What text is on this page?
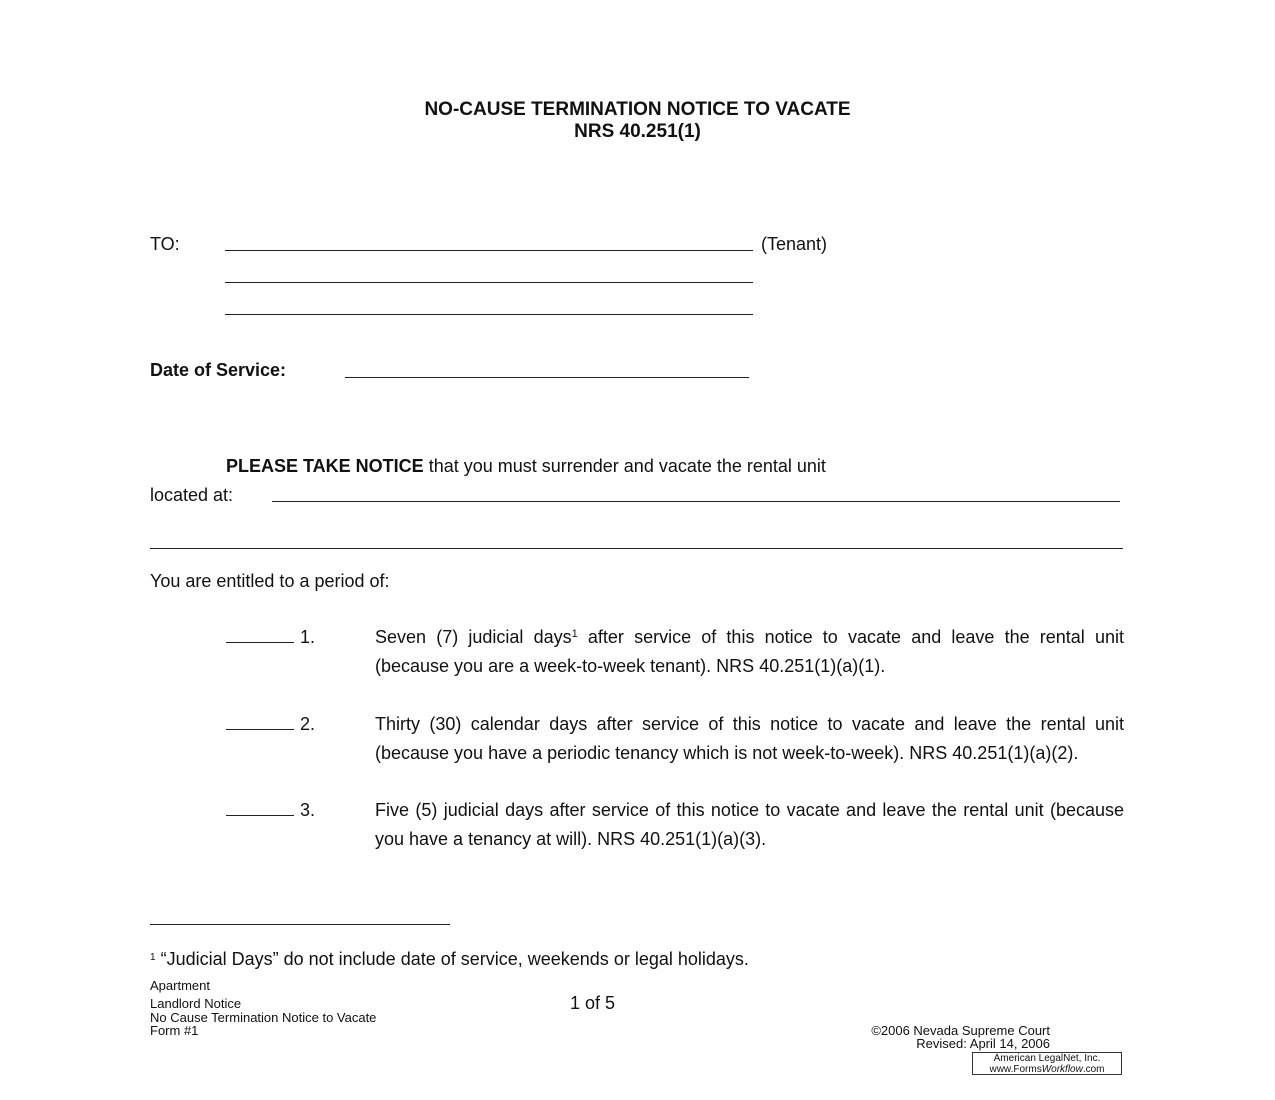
NO-CAUSE TERMINATION NOTICE TO VACATE
NRS 40.251(1)
TO:	(Tenant)
Date of Service:
PLEASE TAKE NOTICE that you must surrender and vacate the rental unit
located at:
You are entitled to a period of:
1.	Seven (7) judicial days$^1$ after service of this notice to vacate and leave the rental unit (because you are a week-to-week tenant). NRS 40.251(1)(a)(1).
2.	Thirty (30) calendar days after service of this notice to vacate and leave the rental unit (because you have a periodic tenancy which is not week-to-week). NRS 40.251(1)(a)(2).
3.	Five (5) judicial days after service of this notice to vacate and leave the rental unit (because you have a tenancy at will). NRS 40.251(1)(a)(3).
$^1$ “Judicial Days” do not include date of service, weekends or legal holidays.
Apartment
Landlord Notice
No Cause Termination Notice to Vacate
Form #1
1 of 5
©2006 Nevada Supreme Court
Revised: April 14, 2006
American LegalNet, Inc.
www.FormsWorkflow.com
